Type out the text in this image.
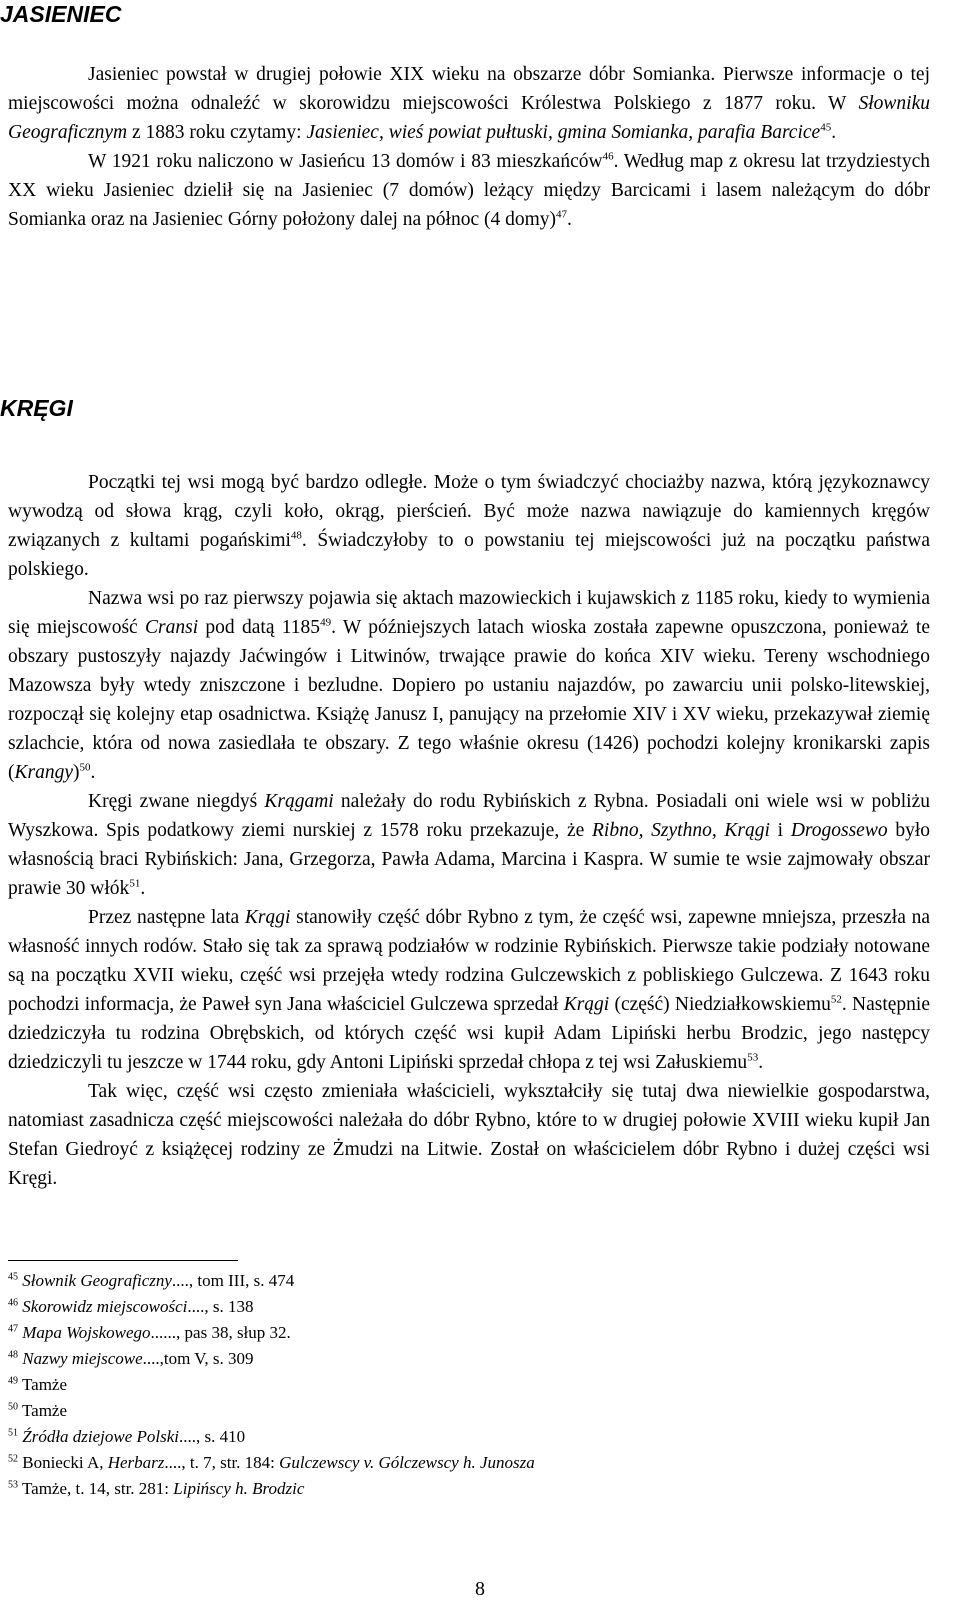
JASIENIEC

Jasieniec powstał w drugiej połowie XIX wieku na obszarze dóbr Somianka. Pierwsze informacje o tej miejscowości można odnaleźć w skorowidzu miejscowości Królestwa Polskiego z 1877 roku. W Słowniku Geograficznym z 1883 roku czytamy: Jasieniec, wieś powiat pułtuski, gmina Somianka, parafia Barcice$^{45}$.

W 1921 roku naliczono w Jasieńcu 13 domów i 83 mieszkańców$^{46}$. Według map z okresu lat trzydziestych XX wieku Jasieniec dzielił się na Jasieniec (7 domów) leżący między Barcicami i lasem należącym do dóbr Somianka oraz na Jasieniec Górny położony dalej na północ (4 domy)$^{47}$.

KRĘGI

Początki tej wsi mogą być bardzo odległe. Może o tym świadczyć chociażby nazwa, którą językoznawcy wywodzą od słowa krąg, czyli koło, okrąg, pierścień. Być może nazwa nawiązuje do kamiennych kręgów związanych z kultami pogańskimi$^{48}$. Świadczyłoby to o powstaniu tej miejscowości już na początku państwa polskiego.

Nazwa wsi po raz pierwszy pojawia się aktach mazowieckich i kujawskich z 1185 roku, kiedy to wymienia się miejscowość Cransi pod datą 1185$^{49}$. W późniejszych latach wioska została zapewne opuszczona, ponieważ te obszary pustoszyły najazdy Jaćwingów i Litwinów, trwające prawie do końca XIV wieku. Tereny wschodniego Mazowsza były wtedy zniszczone i bezludne. Dopiero po ustaniu najazdów, po zawarciu unii polsko-litewskiej, rozpoczął się kolejny etap osadnictwa. Książę Janusz I, panujący na przełomie XIV i XV wieku, przekazywał ziemię szlachcie, która od nowa zasiedlała te obszary. Z tego właśnie okresu (1426) pochodzi kolejny kronikarski zapis (Krangy)$^{50}$.

Kręgi zwane niegdyś Krągami należały do rodu Rybińskich z Rybna. Posiadali oni wiele wsi w pobliżu Wyszkowa. Spis podatkowy ziemi nurskiej z 1578 roku przekazuje, że Ribno, Szythno, Krągi i Drogossewo było własnością braci Rybińskich: Jana, Grzegorza, Pawła Adama, Marcina i Kaspra. W sumie te wsie zajmowały obszar prawie 30 włók$^{51}$.

Przez następne lata Krągi stanowiły część dóbr Rybno z tym, że część wsi, zapewne mniejsza, przeszła na własność innych rodów. Stało się tak za sprawą podziałów w rodzinie Rybińskich. Pierwsze takie podziały notowane są na początku XVII wieku, część wsi przejęła wtedy rodzina Gulczewskich z pobliskiego Gulczewa. Z 1643 roku pochodzi informacja, że Paweł syn Jana właściciel Gulczewa sprzedał Krągi (część) Niedziałkowskiemu$^{52}$. Następnie dziedziczyła tu rodzina Obrębskich, od których część wsi kupił Adam Lipiński herbu Brodzic, jego następcy dziedziczyli tu jeszcze w 1744 roku, gdy Antoni Lipiński sprzedał chłopa z tej wsi Załuskiemu$^{53}$.

Tak więc, część wsi często zmieniała właścicieli, wykształciły się tutaj dwa niewielkie gospodarstwa, natomiast zasadnicza część miejscowości należała do dóbr Rybno, które to w drugiej połowie XVIII wieku kupił Jan Stefan Giedroyć z książęcej rodziny ze Żmudzi na Litwie. Został on właścicielem dóbr Rybno i dużej części wsi Kręgi.

$^{45}$ Słownik Geograficzny...., tom III, s. 474
$^{46}$ Skorowidz miejscowości...., s. 138
$^{47}$ Mapa Wojskowego......, pas 38, słup 32.
$^{48}$ Nazwy miejscowe....,tom V, s. 309
$^{49}$ Tamże
$^{50}$ Tamże
$^{51}$ Źródła dziejowe Polski...., s. 410
$^{52}$ Boniecki A, Herbarz...., t. 7, str. 184: Gulczewscy v. Gólczewscy h. Junosza
$^{53}$ Tamże, t. 14, str. 281: Lipińscy h. Brodzic
8
